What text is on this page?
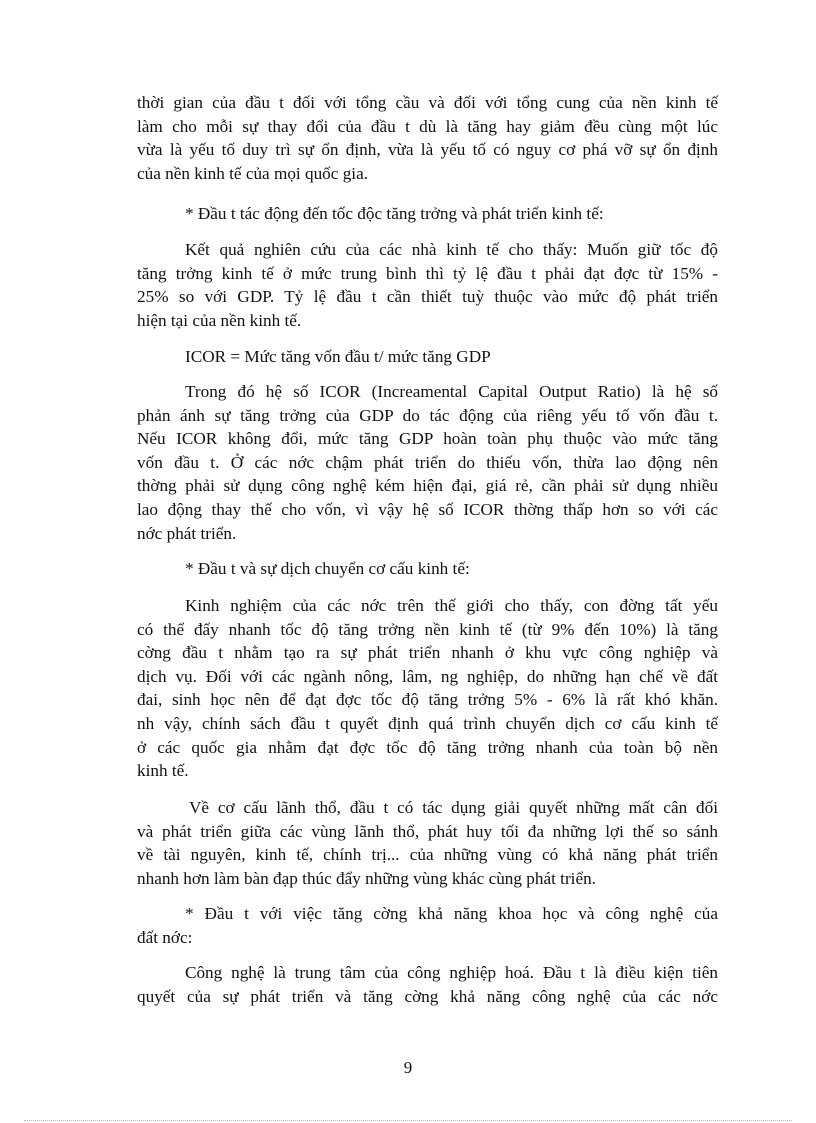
thời gian của đầu t đối với tổng cầu và đối với tổng cung của nền kinh tế
làm cho mỗi sự thay đổi của đầu t dù là tăng hay giảm đều cùng một lúc
vừa là yếu tố duy trì sự ổn định, vừa là yếu tố có nguy cơ phá vỡ sự ổn định
của nền kinh tế của mọi quốc gia.
* Đầu t tác động đến tốc độc tăng trởng và phát triển kinh tế:
Kết quả nghiên cứu của các nhà kinh tế cho thấy: Muốn giữ tốc độ
tăng trởng kinh tế ở mức trung bình thì tỷ lệ đầu t phải đạt đợc từ 15% -
25% so với GDP. Tỷ lệ đầu t cần thiết tuỳ thuộc vào mức độ phát triển
hiện tại của nền kinh tế.
ICOR = Mức tăng vốn đầu t/ mức tăng GDP
Trong đó hệ số ICOR (Increamental Capital Output Ratio) là hệ số
phản ánh sự tăng trởng của GDP do tác động của riêng yếu tố vốn đầu t.
Nếu ICOR không đổi, mức tăng GDP hoàn toàn phụ thuộc vào mức tăng
vốn đầu t. Ở các nớc chậm phát triển do thiếu vốn, thừa lao động nên
thờng phải sử dụng công nghệ kém hiện đại, giá rẻ, cần phải sử dụng nhiều
lao động thay thế cho vốn, vì vậy hệ số ICOR thờng thấp hơn so với các
nớc phát triển.
* Đầu t và sự dịch chuyển cơ cấu kinh tế:
Kinh nghiệm của các nớc trên thế giới cho thấy, con đờng tất yếu
có thể đẩy nhanh tốc độ tăng trởng nền kinh tế (từ 9% đến 10%) là tăng
cờng đầu t nhằm tạo ra sự phát triển nhanh ở khu vực công nghiệp và
dịch vụ. Đối với các ngành nông, lâm, ng nghiệp, do những hạn chế về đất
đai, sinh học nên để đạt đợc tốc độ tăng trởng 5% - 6% là rất khó khăn.
nh vậy, chính sách đầu t quyết định quá trình chuyển dịch cơ cấu kinh tế
ở các quốc gia nhằm đạt đợc tốc độ tăng trởng nhanh của toàn bộ nền
kinh tế.
Về cơ cấu lãnh thổ, đầu t có tác dụng giải quyết những mất cân đối
và phát triển giữa các vùng lãnh thổ, phát huy tối đa những lợi thế so sánh
về tài nguyên, kinh tế, chính trị... của những vùng có khả năng phát triển
nhanh hơn làm bàn đạp thúc đẩy những vùng khác cùng phát triển.
* Đầu t với việc tăng cờng khả năng khoa học và công nghệ của
đất nớc:
Công nghệ là trung tâm của công nghiệp hoá. Đầu t là điều kiện tiên
quyết của sự phát triển và tăng cờng khả năng công nghệ của các nớc
9
